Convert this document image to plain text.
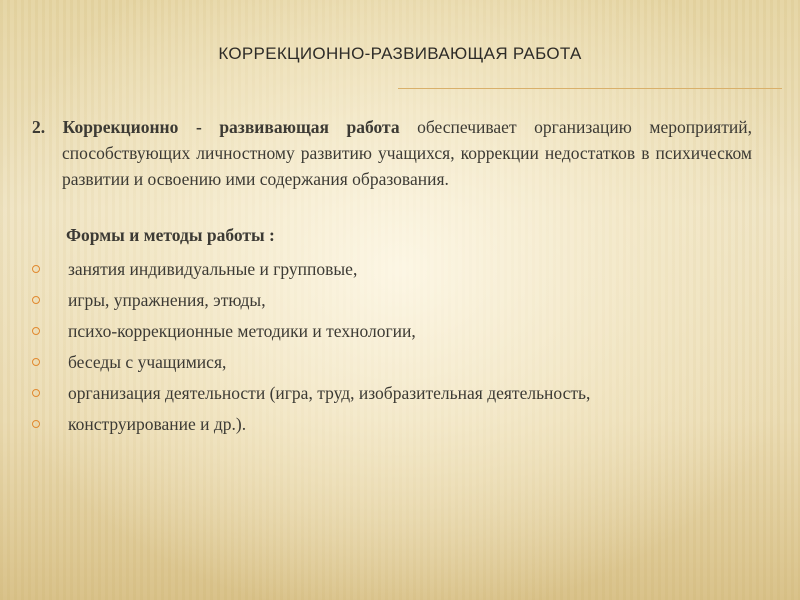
КОРРЕКЦИОННО-РАЗВИВАЮЩАЯ РАБОТА
2. Коррекционно - развивающая работа обеспечивает организацию мероприятий, способствующих личностному развитию учащихся, коррекции недостатков в психическом развитии и освоению ими содержания образования.
Формы и методы работы :
занятия индивидуальные и групповые,
игры, упражнения, этюды,
психо-коррекционные методики и технологии,
беседы с учащимися,
организация деятельности (игра, труд, изобразительная деятельность,
конструирование и др.).
